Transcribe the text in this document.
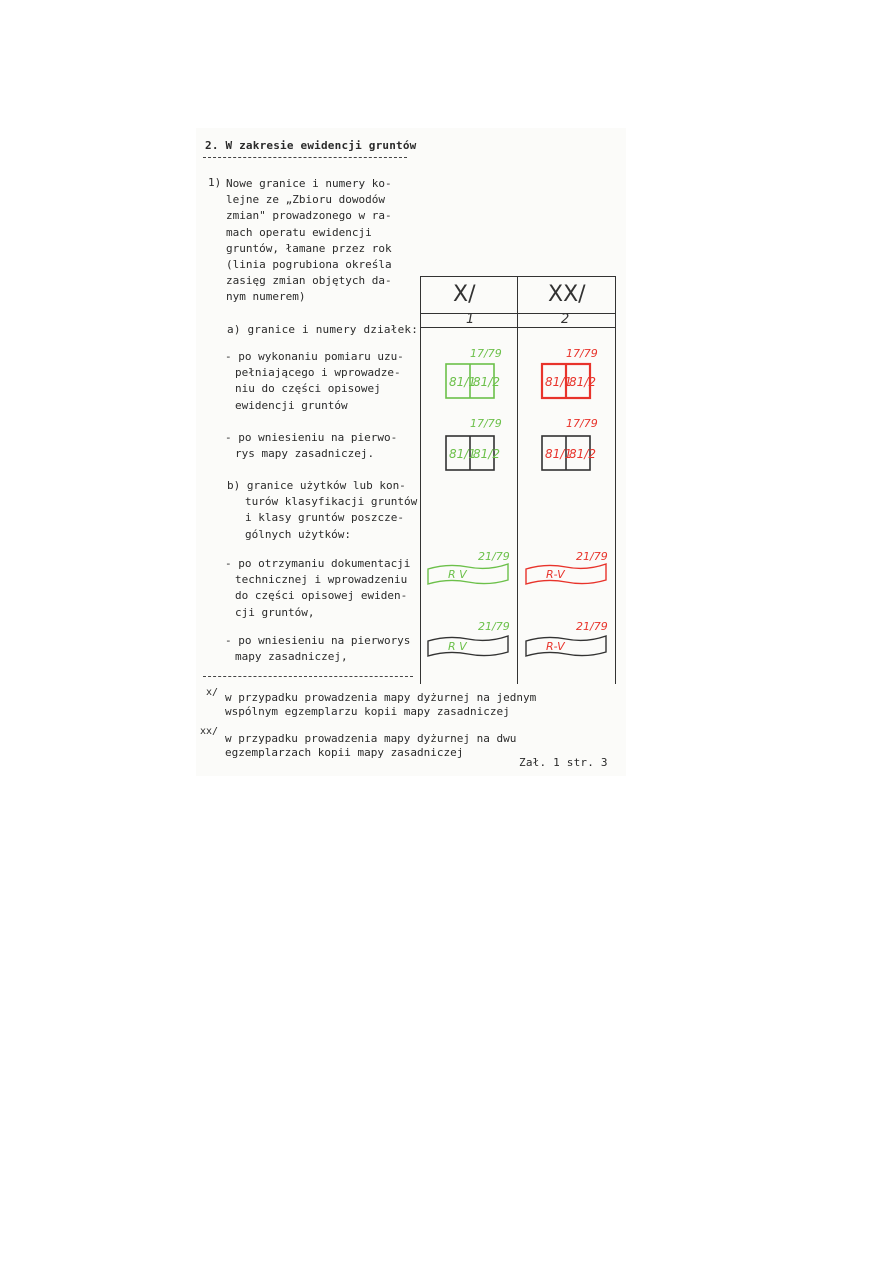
2. W zakresie ewidencji gruntów
1) Nowe granice i numery ko-
lejne ze „Zbioru dowodów
zmian" prowadzonego w ra-
mach operatu ewidencji
gruntów, łamane przez rok
(linia pogrubiona określa
zasięg zmian objętych da-
nym numerem)
a) granice i numery działek:
- po wykonaniu pomiaru uzu-
pełniającego i wprowadze-
niu do części opisowej
ewidencji gruntów
- po wniesieniu na pierwo-
rys mapy zasadniczej.
b) granice użytków lub kon-
turów klasyfikacji gruntów
i klasy gruntów poszcze-
gólnych użytków:
- po otrzymaniu dokumentacji
technicznej i wprowadzeniu
do części opisowej ewiden-
cji gruntów,
- po wniesieniu na pierworys
mapy zasadniczej,
X/	XX/
1	2
17/79
81/1
81/2
17/79
81/1
81/2
17/79
81/1
81/2
17/79
81/1
81/2
21/79
R V
21/79
R-V
21/79
R V
21/79
R-V
x/ w przypadku prowadzenia mapy dyżurnej na jednym
wspólnym egzemplarzu kopii mapy zasadniczej
xx/
w przypadku prowadzenia mapy dyżurnej na dwu
egzemplarzach kopii mapy zasadniczej
Zał. 1 str. 3
